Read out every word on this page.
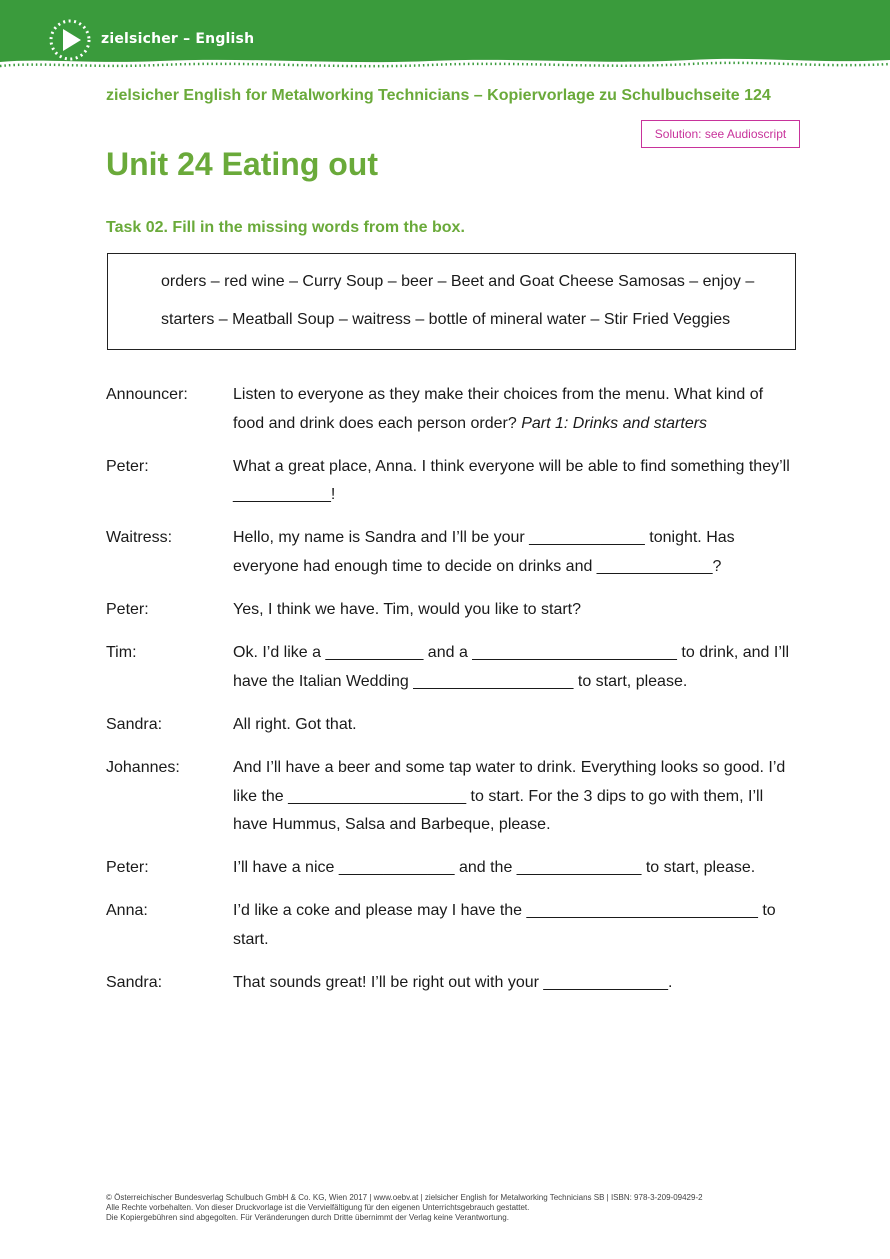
zielsicher – English
zielsicher English for Metalworking Technicians – Kopiervorlage zu Schulbuchseite 124
Solution: see Audioscript
Unit 24 Eating out
Task 02. Fill in the missing words from the box.
orders – red wine – Curry Soup – beer – Beet and Goat Cheese Samosas – enjoy –
starters – Meatball Soup – waitress – bottle of mineral water – Stir Fried Veggies
Announcer:	Listen to everyone as they make their choices from the menu. What kind of food and drink does each person order? Part 1: Drinks and starters
Peter:	What a great place, Anna. I think everyone will be able to find something they’ll ___________!
Waitress:	Hello, my name is Sandra and I’ll be your _____________ tonight. Has everyone had enough time to decide on drinks and _____________?
Peter:	Yes, I think we have. Tim, would you like to start?
Tim:	Ok. I’d like a ___________ and a _______________________ to drink, and I’ll have the Italian Wedding __________________ to start, please.
Sandra:	All right. Got that.
Johannes:	And I’ll have a beer and some tap water to drink. Everything looks so good. I’d like the ____________________ to start. For the 3 dips to go with them, I’ll have Hummus, Salsa and Barbeque, please.
Peter:	I’ll have a nice _____________ and the ______________ to start, please.
Anna:	I’d like a coke and please may I have the __________________________ to start.
Sandra:	That sounds great! I’ll be right out with your ______________.
© Österreichischer Bundesverlag Schulbuch GmbH & Co. KG, Wien 2017 | www.oebv.at | zielsicher English for Metalworking Technicians SB | ISBN: 978-3-209-09429-2
Alle Rechte vorbehalten. Von dieser Druckvorlage ist die Vervielfältigung für den eigenen Unterrichtsgebrauch gestattet.
Die Kopiergebühren sind abgegolten. Für Veränderungen durch Dritte übernimmt der Verlag keine Verantwortung.
